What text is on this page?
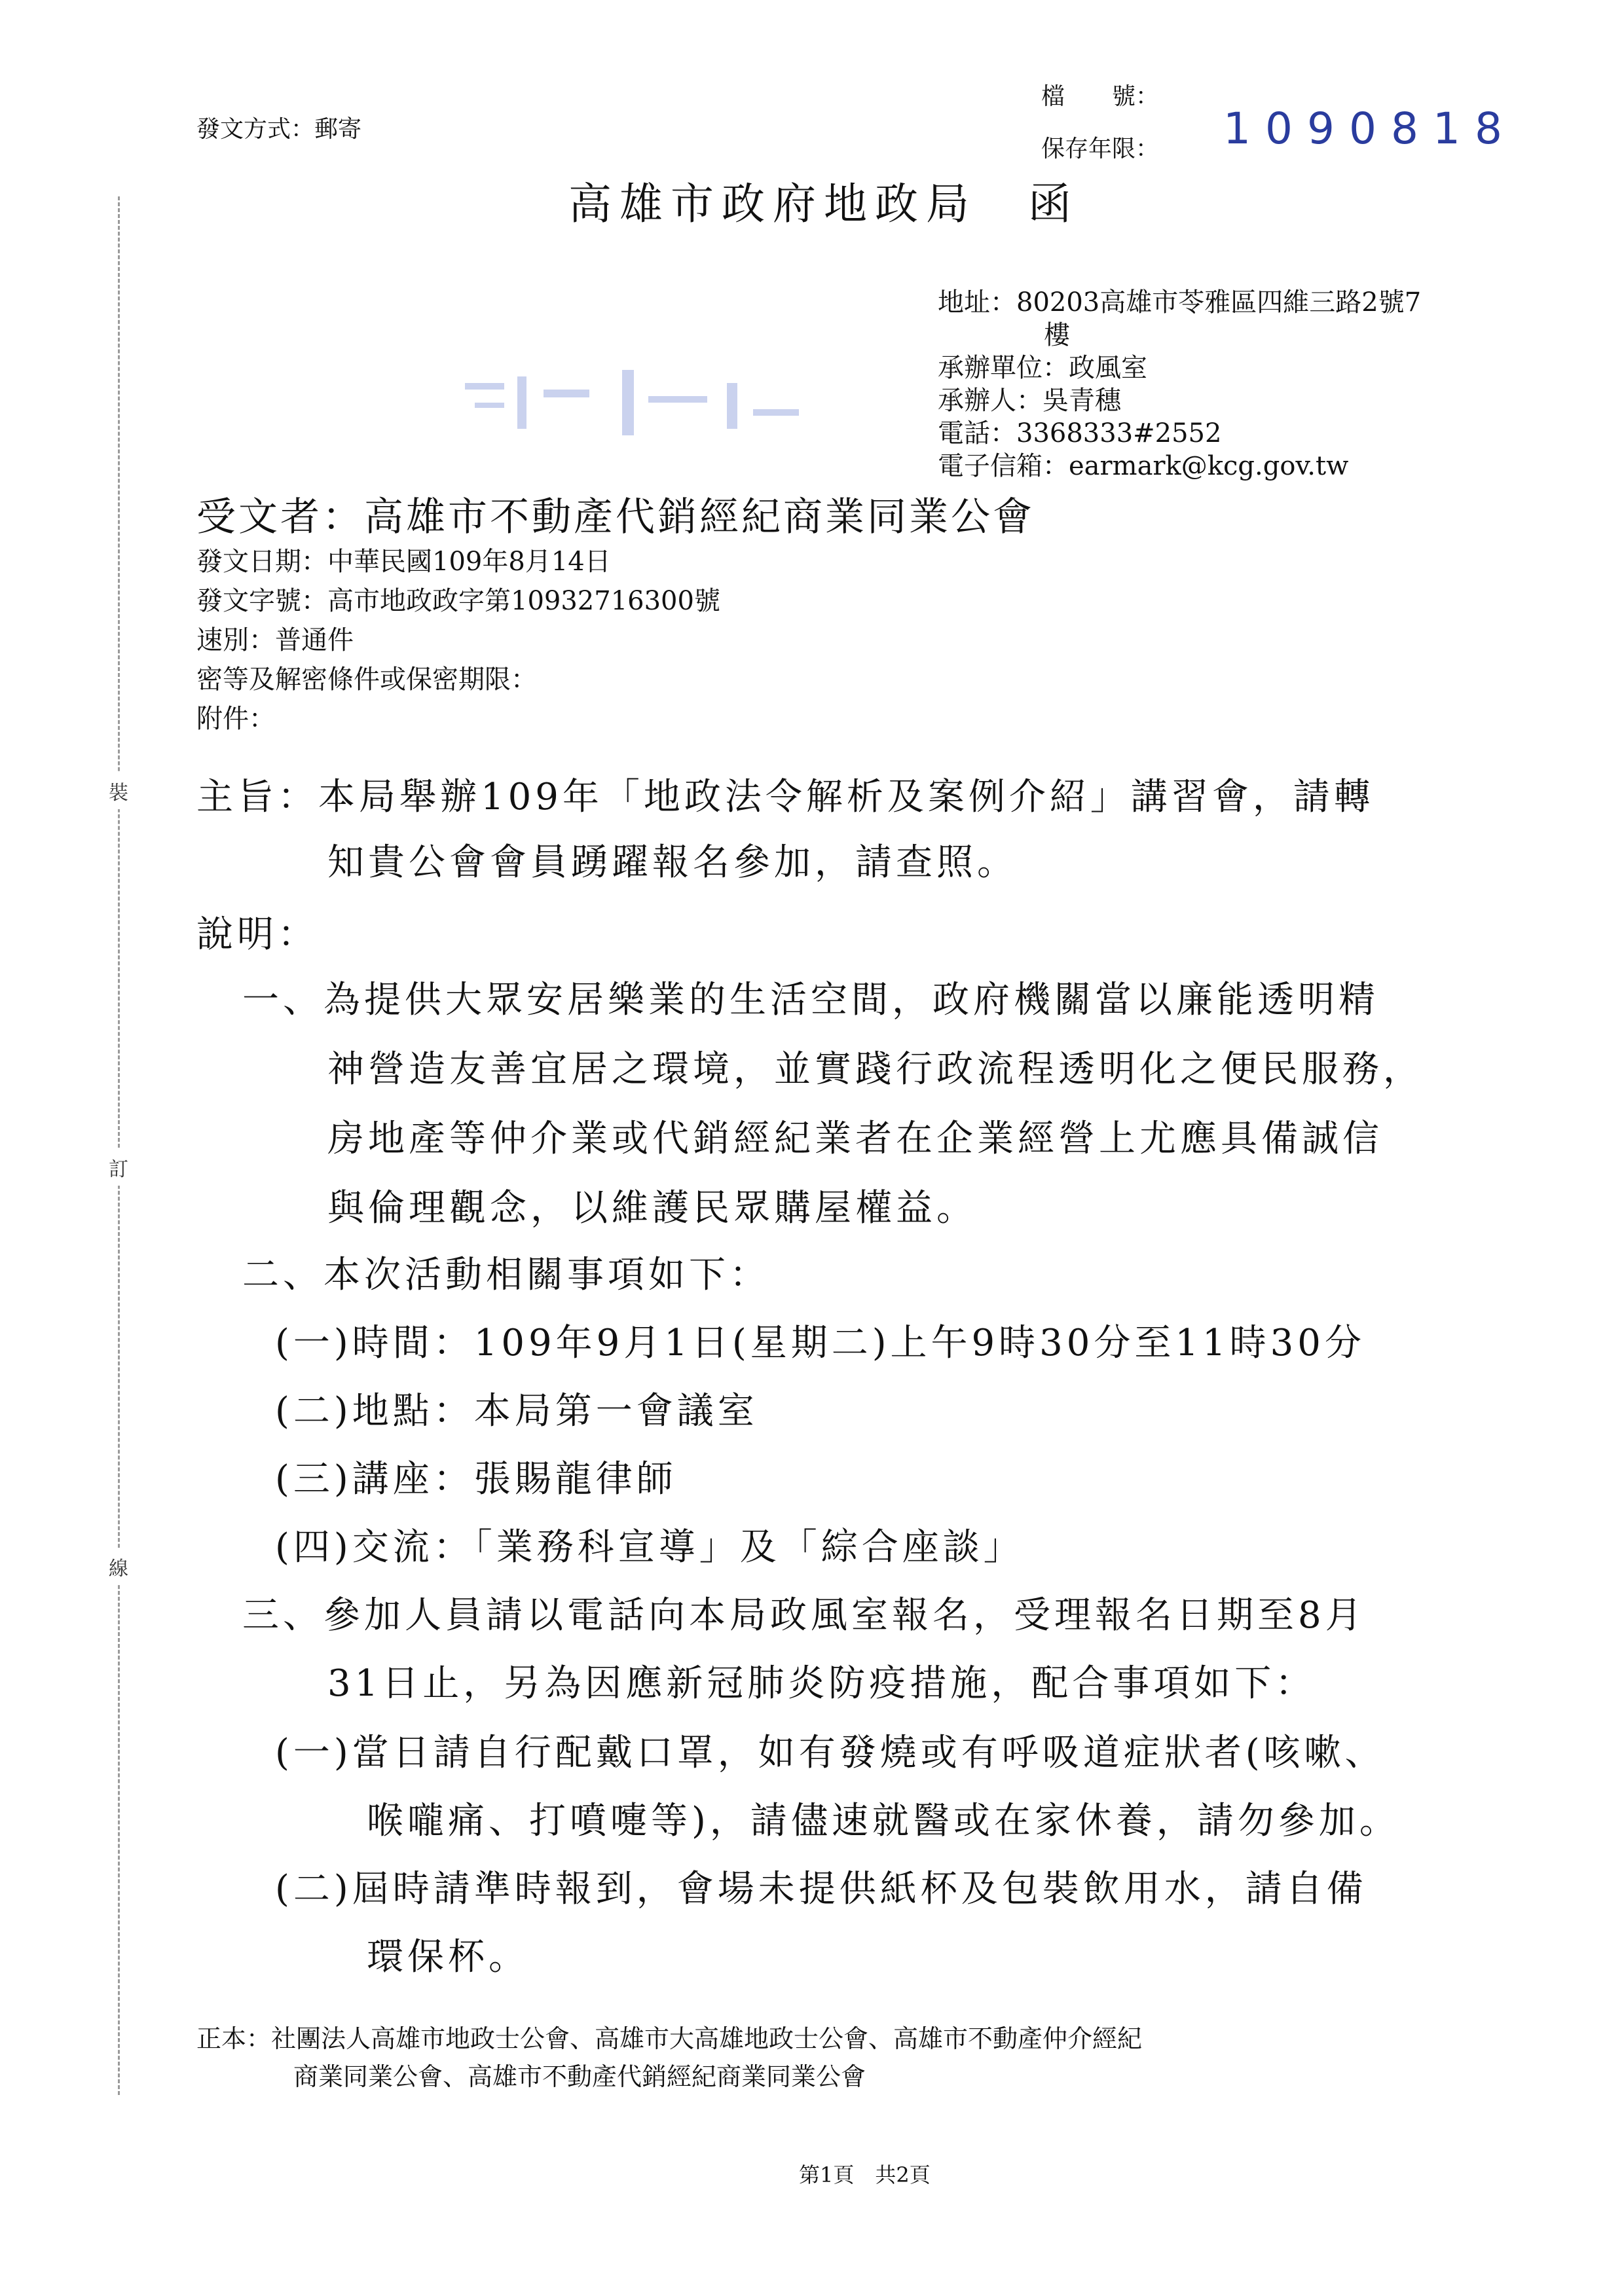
裝
訂
線
發文方式：郵寄
檔　　號：
保存年限： 1090818
高雄市政府地政局　函
地址：80203高雄市苓雅區四維三路2號7
樓
承辦單位：政風室
承辦人：吳青穗
電話：3368333#2552
電子信箱：earmark@kcg.gov.tw
受文者：高雄市不動產代銷經紀商業同業公會
發文日期：中華民國109年8月14日
發文字號：高市地政政字第10932716300號
速別：普通件
密等及解密條件或保密期限：
附件：
主旨：本局舉辦109年「地政法令解析及案例介紹」講習會，請轉
知貴公會會員踴躍報名參加，請查照。
說明：
一、為提供大眾安居樂業的生活空間，政府機關當以廉能透明精
神營造友善宜居之環境，並實踐行政流程透明化之便民服務，
房地產等仲介業或代銷經紀業者在企業經營上尤應具備誠信
與倫理觀念，以維護民眾購屋權益。
二、本次活動相關事項如下：
(一)時間：109年9月1日(星期二)上午9時30分至11時30分
(二)地點：本局第一會議室
(三)講座：張賜龍律師
(四)交流：「業務科宣導」及「綜合座談」
三、參加人員請以電話向本局政風室報名，受理報名日期至8月
31日止，另為因應新冠肺炎防疫措施，配合事項如下：
(一)當日請自行配戴口罩，如有發燒或有呼吸道症狀者(咳嗽、
喉嚨痛、打噴嚏等)，請儘速就醫或在家休養，請勿參加。
(二)屆時請準時報到，會場未提供紙杯及包裝飲用水，請自備
環保杯。
正本：社團法人高雄市地政士公會、高雄市大高雄地政士公會、高雄市不動產仲介經紀
商業同業公會、高雄市不動產代銷經紀商業同業公會
第1頁　共2頁
